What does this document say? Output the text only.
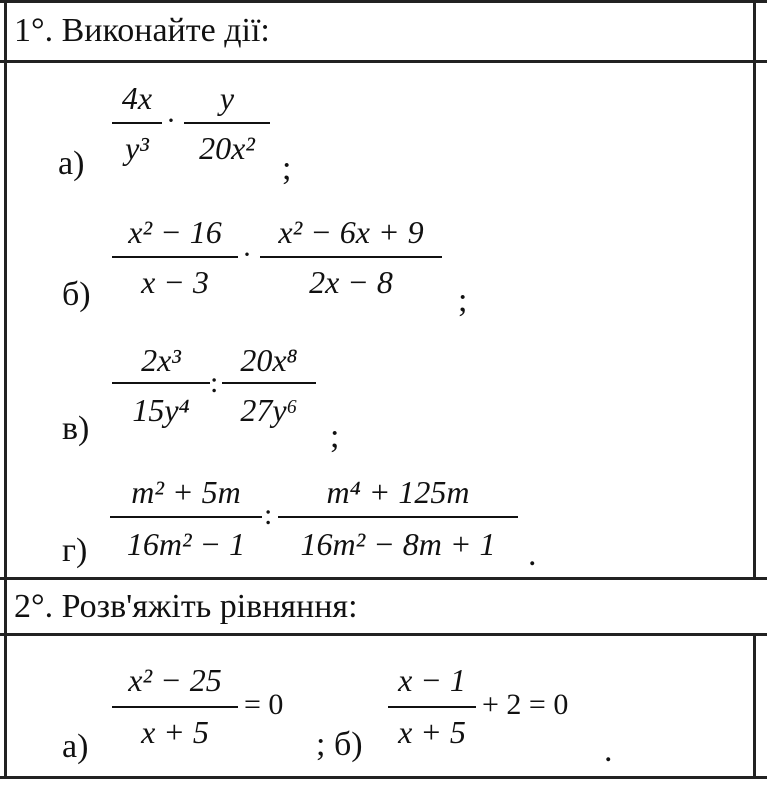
1°. Виконайте дії:
а)
4x
y³
·
y
20x²
;
б)
x² − 16
x − 3
·
x² − 6x + 9
2x − 8	;
в)
2x³
15y⁴
:
20x⁸
27y⁶
;
г)
m² + 5m
16m² − 1
:
m⁴ + 125m
16m² − 8m + 1 .
2°. Розв'яжіть рівняння:
а)
x² − 25
x + 5
= 0
; б)
x − 1
x + 5
+ 2 = 0
.
